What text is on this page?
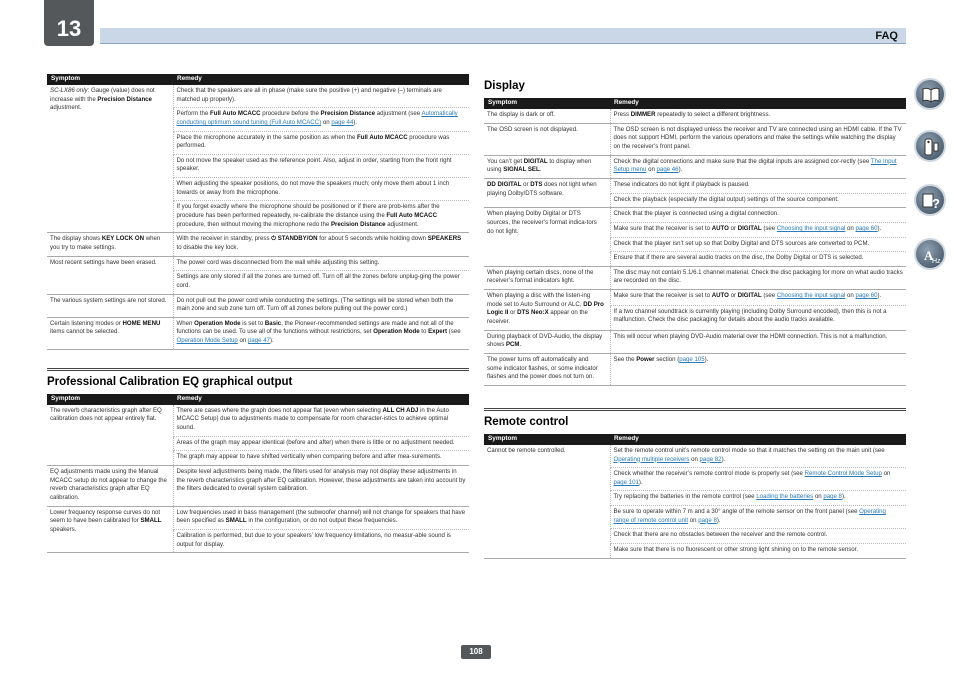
13	FAQ
Symptom	Remedy
SC-LX86 only: Gauge (value) does not increase with the Precision Distance adjustment.	Check that the speakers are all in phase (make sure the positive (+) and negative (–) terminals are matched up properly).
	Perform the Full Auto MCACC procedure before the Precision Distance adjustment (see Automatically conducting optimum sound tuning (Full Auto MCACC) on page 44).
	Place the microphone accurately in the same position as when the Full Auto MCACC procedure was performed.
	Do not move the speaker used as the reference point. Also, adjust in order, starting from the front right speaker.
	When adjusting the speaker positions, do not move the speakers much; only move them about 1 inch towards or away from the microphone.
	If you forget exactly where the microphone should be positioned or if there are prob-lems after the procedure has been performed repeatedly, re-calibrate the distance using the Full Auto MCACC procedure, then without moving the microphone redo the Precision Distance adjustment.
The display shows KEY LOCK ON when you try to make settings.	With the receiver in standby, press ⏻ STANDBY/ON for about 5 seconds while holding down SPEAKERS to disable the key lock.
Most recent settings have been erased.	The power cord was disconnected from the wall while adjusting this setting.
	Settings are only stored if all the zones are turned off. Turn off all the zones before unplug-ging the power cord.
The various system settings are not stored.	Do not pull out the power cord while conducting the settings. (The settings will be stored when both the main zone and sub zone turn off. Turn off all zones before pulling out the power cord.)
Certain listening modes or HOME MENU items cannot be selected.	When Operation Mode is set to Basic, the Pioneer-recommended settings are made and not all of the functions can be used. To use all of the functions without restrictions, set Operation Mode to Expert (see Operation Mode Setup on page 47).
Professional Calibration EQ graphical output
Symptom	Remedy
The reverb characteristics graph after EQ calibration does not appear entirely flat.	There are cases where the graph does not appear flat (even when selecting ALL CH ADJ in the Auto MCACC Setup) due to adjustments made to compensate for room character-istics to achieve optimal sound.
	Areas of the graph may appear identical (before and after) when there is little or no adjustment needed.
	The graph may appear to have shifted vertically when comparing before and after mea-surements.
EQ adjustments made using the Manual MCACC setup do not appear to change the reverb characteristics graph after EQ calibration.	Despite level adjustments being made, the filters used for analysis may not display these adjustments in the reverb characteristics graph after EQ calibration. However, these adjustments are taken into account by the filters dedicated to overall system calibration.
Lower frequency response curves do not seem to have been calibrated for SMALL speakers.	Low frequencies used in bass management (the subwoofer channel) will not change for speakers that have been specified as SMALL in the configuration, or do not output these frequencies.
	Calibration is performed, but due to your speakers’ low frequency limitations, no measur-able sound is output for display.
Display
Symptom	Remedy
The display is dark or off.	Press DIMMER repeatedly to select a different brightness.
The OSD screen is not displayed.	The OSD screen is not displayed unless the receiver and TV are connected using an HDMI cable. If the TV does not support HDMI, perform the various operations and make the settings while watching the display on the receiver’s front panel.
You can’t get DIGITAL to display when using SIGNAL SEL.	Check the digital connections and make sure that the digital inputs are assigned cor-rectly (see The Input Setup menu on page 46).
DD DIGITAL or DTS does not light when playing Dolby/DTS software.	These indicators do not light if playback is paused.
	Check the playback (especially the digital output) settings of the source component.
When playing Dolby Digital or DTS sources, the receiver’s format indica-tors do not light.	Check that the player is connected using a digital connection.
	Make sure that the receiver is set to AUTO or DIGITAL (see Choosing the input signal on page 60).
	Check that the player isn’t set up so that Dolby Digital and DTS sources are converted to PCM.
	Ensure that if there are several audio tracks on the disc, the Dolby Digital or DTS is selected.
When playing certain discs, none of the receiver’s format indicators light.	The disc may not contain 5.1/6.1 channel material. Check the disc packaging for more on what audio tracks are recorded on the disc.
When playing a disc with the listen-ing mode set to Auto Surround or ALC, DD Pro Logic II or DTS Neo:X appear on the receiver.	Make sure that the receiver is set to AUTO or DIGITAL (see Choosing the input signal on page 60).
	If a two channel soundtrack is currently playing (including Dolby Surround encoded), then this is not a malfunction. Check the disc packaging for details about the audio tracks available.
During playback of DVD-Audio, the display shows PCM.	This will occur when playing DVD-Audio material over the HDMI connection. This is not a malfunction.
The power turns off automatically and some indicator flashes, or some indicator flashes and the power does not turn on.	See the Power section (page 105).
Remote control
Symptom	Remedy
Cannot be remote controlled.	Set the remote control unit’s remote control mode so that it matches the setting on the main unit (see Operating multiple receivers on page 82).
	Check whether the receiver’s remote control mode is properly set (see Remote Control Mode Setup on page 101).
	Try replacing the batteries in the remote control (see Loading the batteries on page 8).
	Be sure to operate within 7 m and a 30° angle of the remote sensor on the front panel (see Operating range of remote control unit on page 8).
	Check that there are no obstacles between the receiver and the remote control.
	Make sure that there is no fluorescent or other strong light shining on to the remote sensor.
?
A
Hz
108
